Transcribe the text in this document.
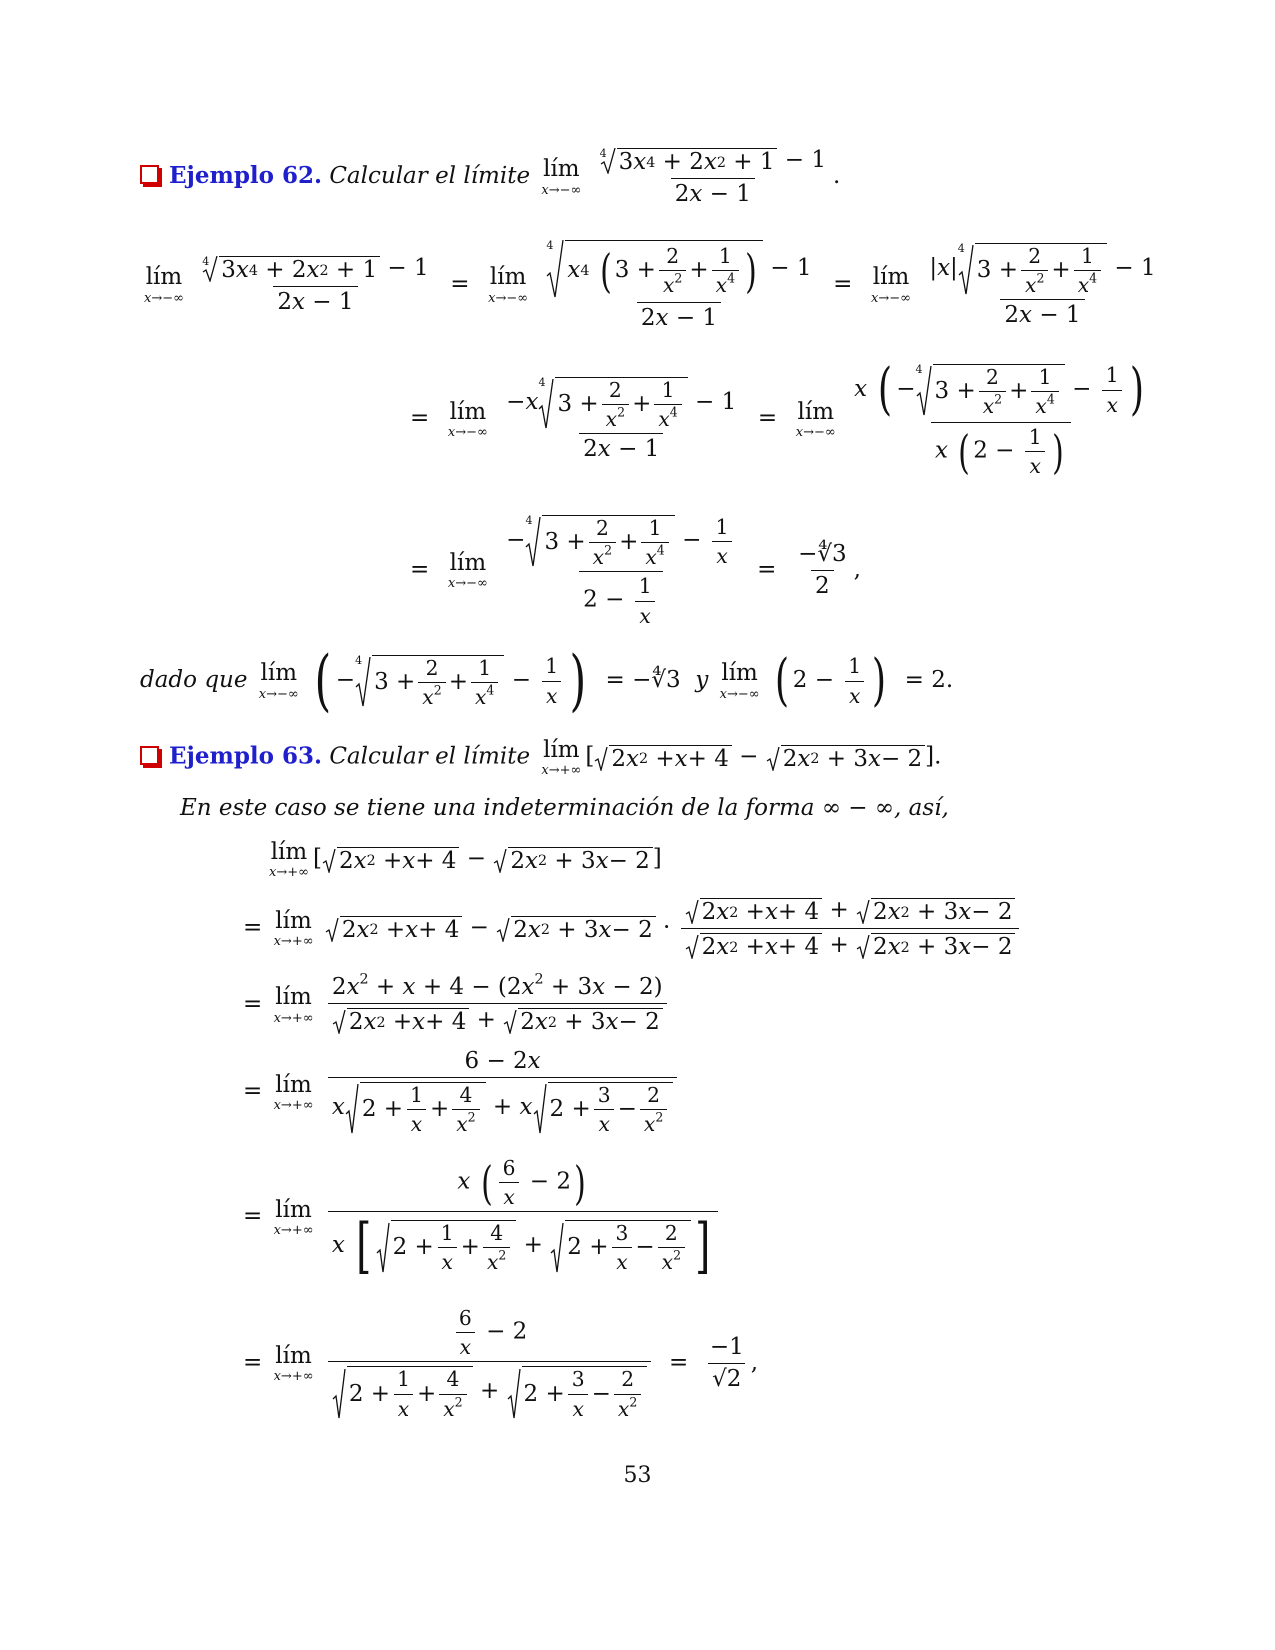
Ejemplo 62. Calcular el límite lím
x→−∞
$\frac{4 3 x 4 + 2 x 2 + 1 - 1}{2x - 1}$ .
lím
x→−∞
$\frac{4 3 x 4 + 2 x 2 + 1 - 1}{2x - 1}$ = lím
x→−∞
4
x 4
( $3 + \frac{2}{x^2} + \frac{1}{x^4}$ ) − 1
2x − 1 = lím
x→−∞
|x|
4
$3 + \frac{2}{x^2} + \frac{1}{x^4} - 1$
2x − 1
= lím
x→−∞
−x
4
$3 + \frac{2}{x^2} + \frac{1}{x^4} - 1$
2x − 1 = lím
x→−∞
x ( −
4
$3 + \frac{2}{x^2} + \frac{1}{x^4} - \frac{1}{x}$ )
x ( $2 - \frac{1}{x}$ )
= lím
x→−∞
−
4
$3 + \frac{2}{x^2} + \frac{1}{x^4} - \frac{1}{x}$
$2 - \frac{1}{x} = \frac{-∜3}{2}$ ,
dado que lím
x→−∞ ( −
4
$3 + \frac{2}{x^2} + \frac{1}{x^4} - \frac{1}{x}$ ) = −∜3 y lím
x→−∞ ( $2 - \frac{1}{x}$ ) = 2.
Ejemplo 63. Calcular el límite lím
x→+∞
[ 2 x 2 + x + 4 − 2 x 2 + 3 x − 2 ].
En este caso se tiene una indeterminación de la forma ∞ − ∞, así,
lím
x→+∞
[ 2 x 2 + x + 4 − 2 x 2 + 3 x − 2 ]
= lím
x→+∞
2 x 2 + x + 4 − 2 x 2 + 3 $x - 2 \cdot \frac{2 x 2 + x + 4 + 2 x 2 + 3 x - 2}{2 x 2 + x + 4 + 2 x 2 + 3 x - 2}$
= lím
x→+∞
$\frac{2x^2 + x + 4 - (2x^2 + 3x - 2)}{2 x 2 + x + 4 + 2 x 2 + 3 x - 2}$
= lím
x→+∞
$\frac{6 - 2x}{x 2 + \frac{1}{x} + \frac{4}{x^2} + x 2 + \frac{3}{x} - \frac{2}{x^2}}$
= lím
x→+∞
$\frac{x ( \frac{6}{x} - 2)}{x [ 2 + \frac{1}{x} + \frac{4}{x^2} + 2 + \frac{3}{x} - \frac{2}{x^2} ]}$
= lím
x→+∞
$\frac{\frac{6}{x} - 2}{2 + \frac{1}{x} + \frac{4}{x^2} + 2 + \frac{3}{x} - \frac{2}{x^2}} = \frac{-1}{√2}$ ,
53
